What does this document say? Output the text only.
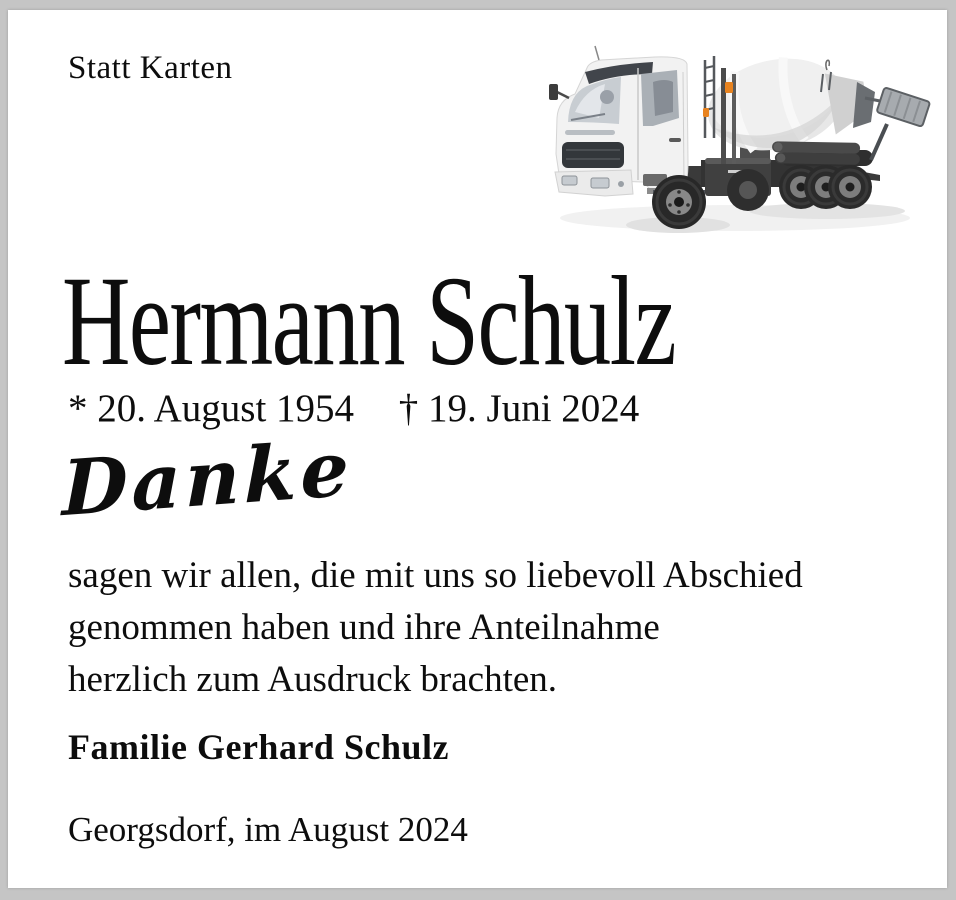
Statt Karten
Hermann Schulz
* 20. August 1954 † 19. Juni 2024
Danke
sagen wir allen, die mit uns so liebevoll Abschied
genommen haben und ihre Anteilnahme
herzlich zum Ausdruck brachten.
Familie Gerhard Schulz
Georgsdorf, im August 2024
